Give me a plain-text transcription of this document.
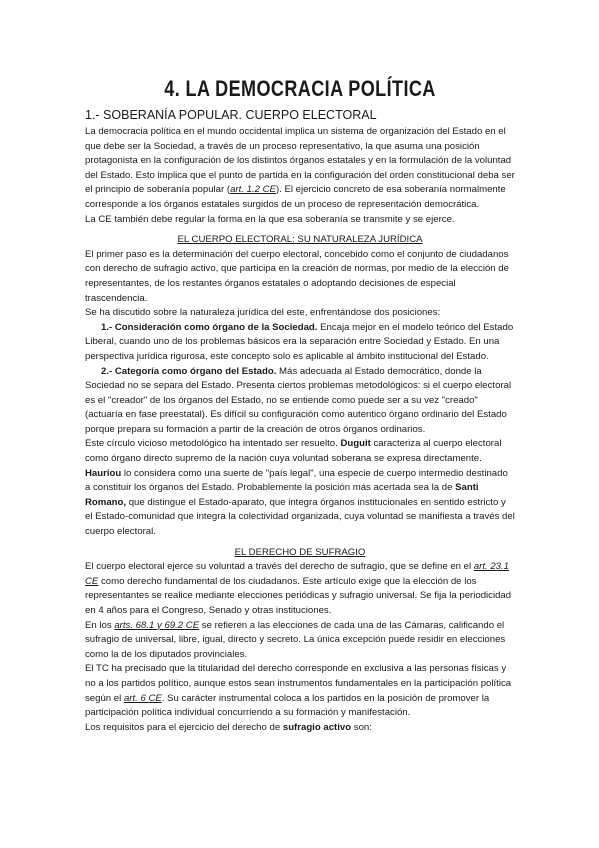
4. LA DEMOCRACIA POLÍTICA
1.- SOBERANÍA POPULAR. CUERPO ELECTORAL

La democracia política en el mundo occidental implica un sistema de organización del Estado en el que debe ser la Sociedad, a través de un proceso representativo, la que asuma una posición protagonista en la configuración de los distintos órganos estatales y en la formulación de la voluntad del Estado. Esto implica que el punto de partida en la configuración del orden constitucional deba ser el principio de soberanía popular (art. 1.2 CE). El ejercicio concreto de esa soberanía normalmente corresponde a los órganos estatales surgidos de un proceso de representación democrática.

La CE también debe regular la forma en la que esa soberanía se transmite y se ejerce.

EL CUERPO ELECTORAL: SU NATURALEZA JURÍDICA

El primer paso es la determinación del cuerpo electoral, concebido como el conjunto de ciudadanos con derecho de sufragio activo, que participa en la creación de normas, por medio de la elección de representantes, de los restantes órganos estatales o adoptando decisiones de especial trascendencia.

Se ha discutido sobre la naturaleza jurídica del este, enfrentándose dos posiciones:

1.- Consideración como órgano de la Sociedad. Encaja mejor en el modelo teórico del Estado Liberal, cuando uno de los problemas básicos era la separación entre Sociedad y Estado. En una perspectiva jurídica rigurosa, este concepto solo es aplicable al ámbito institucional del Estado.

2.- Categoría como órgano del Estado. Más adecuada al Estado democrático, donde la Sociedad no se separa del Estado. Presenta ciertos problemas metodológicos: si el cuerpo electoral es el "creador" de los órganos del Estado, no se entiende como puede ser a su vez "creado" (actuaría en fase preestatal). Es difícil su configuración como autentico órgano ordinario del Estado porque prepara su formación a partir de la creación de otros órganos ordinarios.

Este círculo vicioso metodológico ha intentado ser resuelto. Duguit caracteriza al cuerpo electoral como órgano directo supremo de la nación cuya voluntad soberana se expresa directamente. Hauriou lo considera como una suerte de "país legal", una especie de cuerpo intermedio destinado a constituir los órganos del Estado. Probablemente la posición más acertada sea la de Santi Romano, que distingue el Estado-aparato, que integra órganos institucionales en sentido estricto y el Estado-comunidad que integra la colectividad organizada, cuya voluntad se manifiesta a través del cuerpo electoral.

EL DERECHO DE SUFRAGIO

El cuerpo electoral ejerce su voluntad a través del derecho de sufragio, que se define en el art. 23.1 CE como derecho fundamental de los ciudadanos. Este artículo exige que la elección de los representantes se realice mediante elecciones periódicas y sufragio universal. Se fija la periodicidad en 4 años para el Congreso, Senado y otras instituciones.

En los arts. 68.1 y 69.2 CE se refieren a las elecciones de cada una de las Cámaras, calificando el sufragio de universal, libre, igual, directo y secreto. La única excepción puede residir en elecciones como la de los diputados provinciales.

El TC ha precisado que la titularidad del derecho corresponde en exclusiva a las personas físicas y no a los partidos político, aunque estos sean instrumentos fundamentales en la participación política según el art. 6 CE. Su carácter instrumental coloca a los partidos en la posición de promover la participación política individual concurriendo a su formación y manifestación.

Los requisitos para el ejercicio del derecho de sufragio activo son:
